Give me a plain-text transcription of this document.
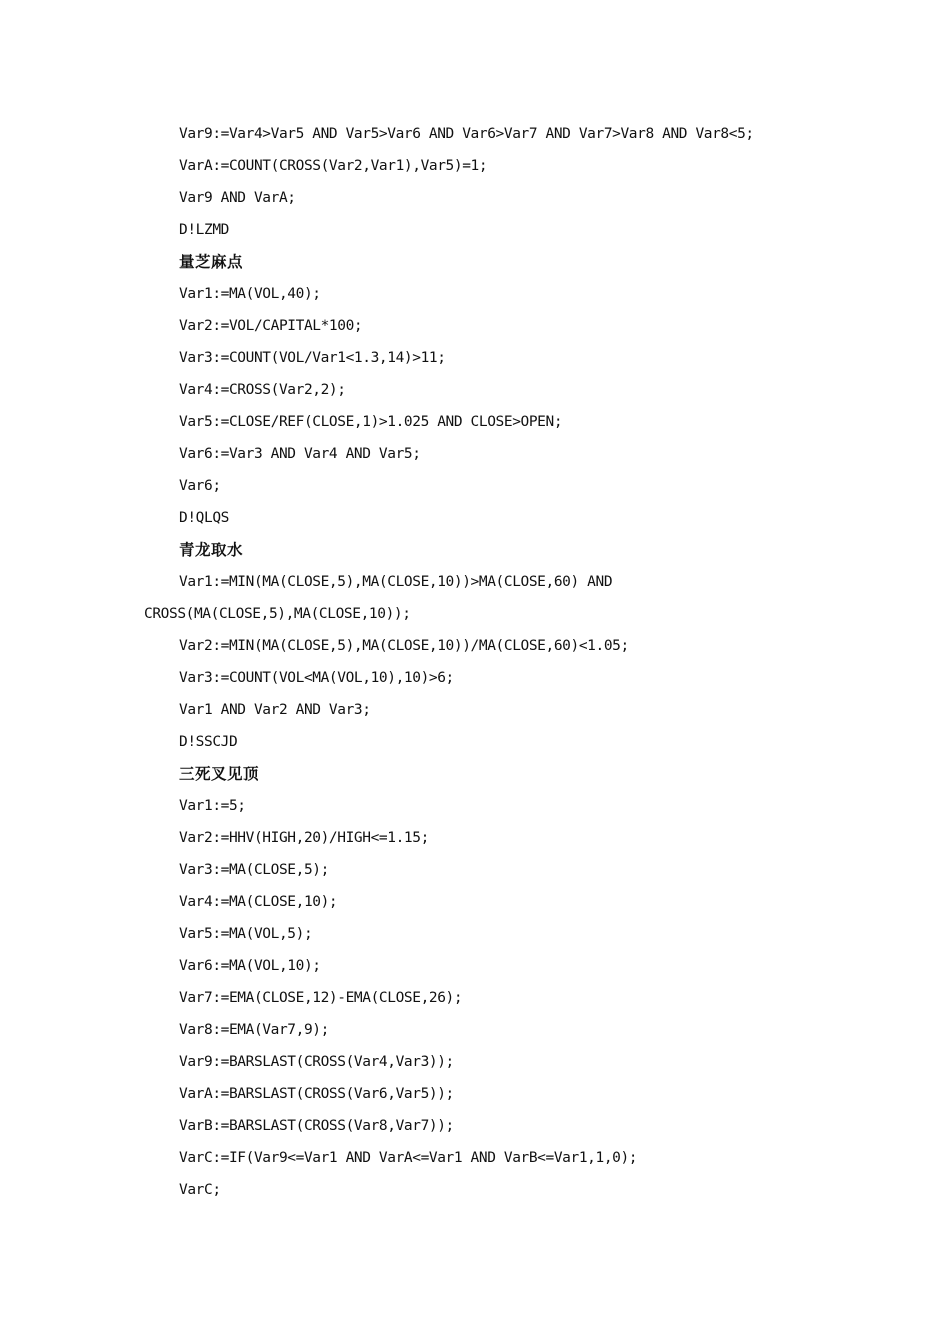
Var9:=Var4>Var5 AND Var5>Var6 AND Var6>Var7 AND Var7>Var8 AND Var8<5;
VarA:=COUNT(CROSS(Var2,Var1),Var5)=1;
Var9 AND VarA;
D!LZMD
量芝麻点
Var1:=MA(VOL,40);
Var2:=VOL/CAPITAL*100;
Var3:=COUNT(VOL/Var1<1.3,14)>11;
Var4:=CROSS(Var2,2);
Var5:=CLOSE/REF(CLOSE,1)>1.025 AND CLOSE>OPEN;
Var6:=Var3 AND Var4 AND Var5;
Var6;
D!QLQS
青龙取水
Var1:=MIN(MA(CLOSE,5),MA(CLOSE,10))>MA(CLOSE,60) AND
CROSS(MA(CLOSE,5),MA(CLOSE,10));
Var2:=MIN(MA(CLOSE,5),MA(CLOSE,10))/MA(CLOSE,60)<1.05;
Var3:=COUNT(VOL<MA(VOL,10),10)>6;
Var1 AND Var2 AND Var3;
D!SSCJD
三死叉见顶
Var1:=5;
Var2:=HHV(HIGH,20)/HIGH<=1.15;
Var3:=MA(CLOSE,5);
Var4:=MA(CLOSE,10);
Var5:=MA(VOL,5);
Var6:=MA(VOL,10);
Var7:=EMA(CLOSE,12)-EMA(CLOSE,26);
Var8:=EMA(Var7,9);
Var9:=BARSLAST(CROSS(Var4,Var3));
VarA:=BARSLAST(CROSS(Var6,Var5));
VarB:=BARSLAST(CROSS(Var8,Var7));
VarC:=IF(Var9<=Var1 AND VarA<=Var1 AND VarB<=Var1,1,0);
VarC;
